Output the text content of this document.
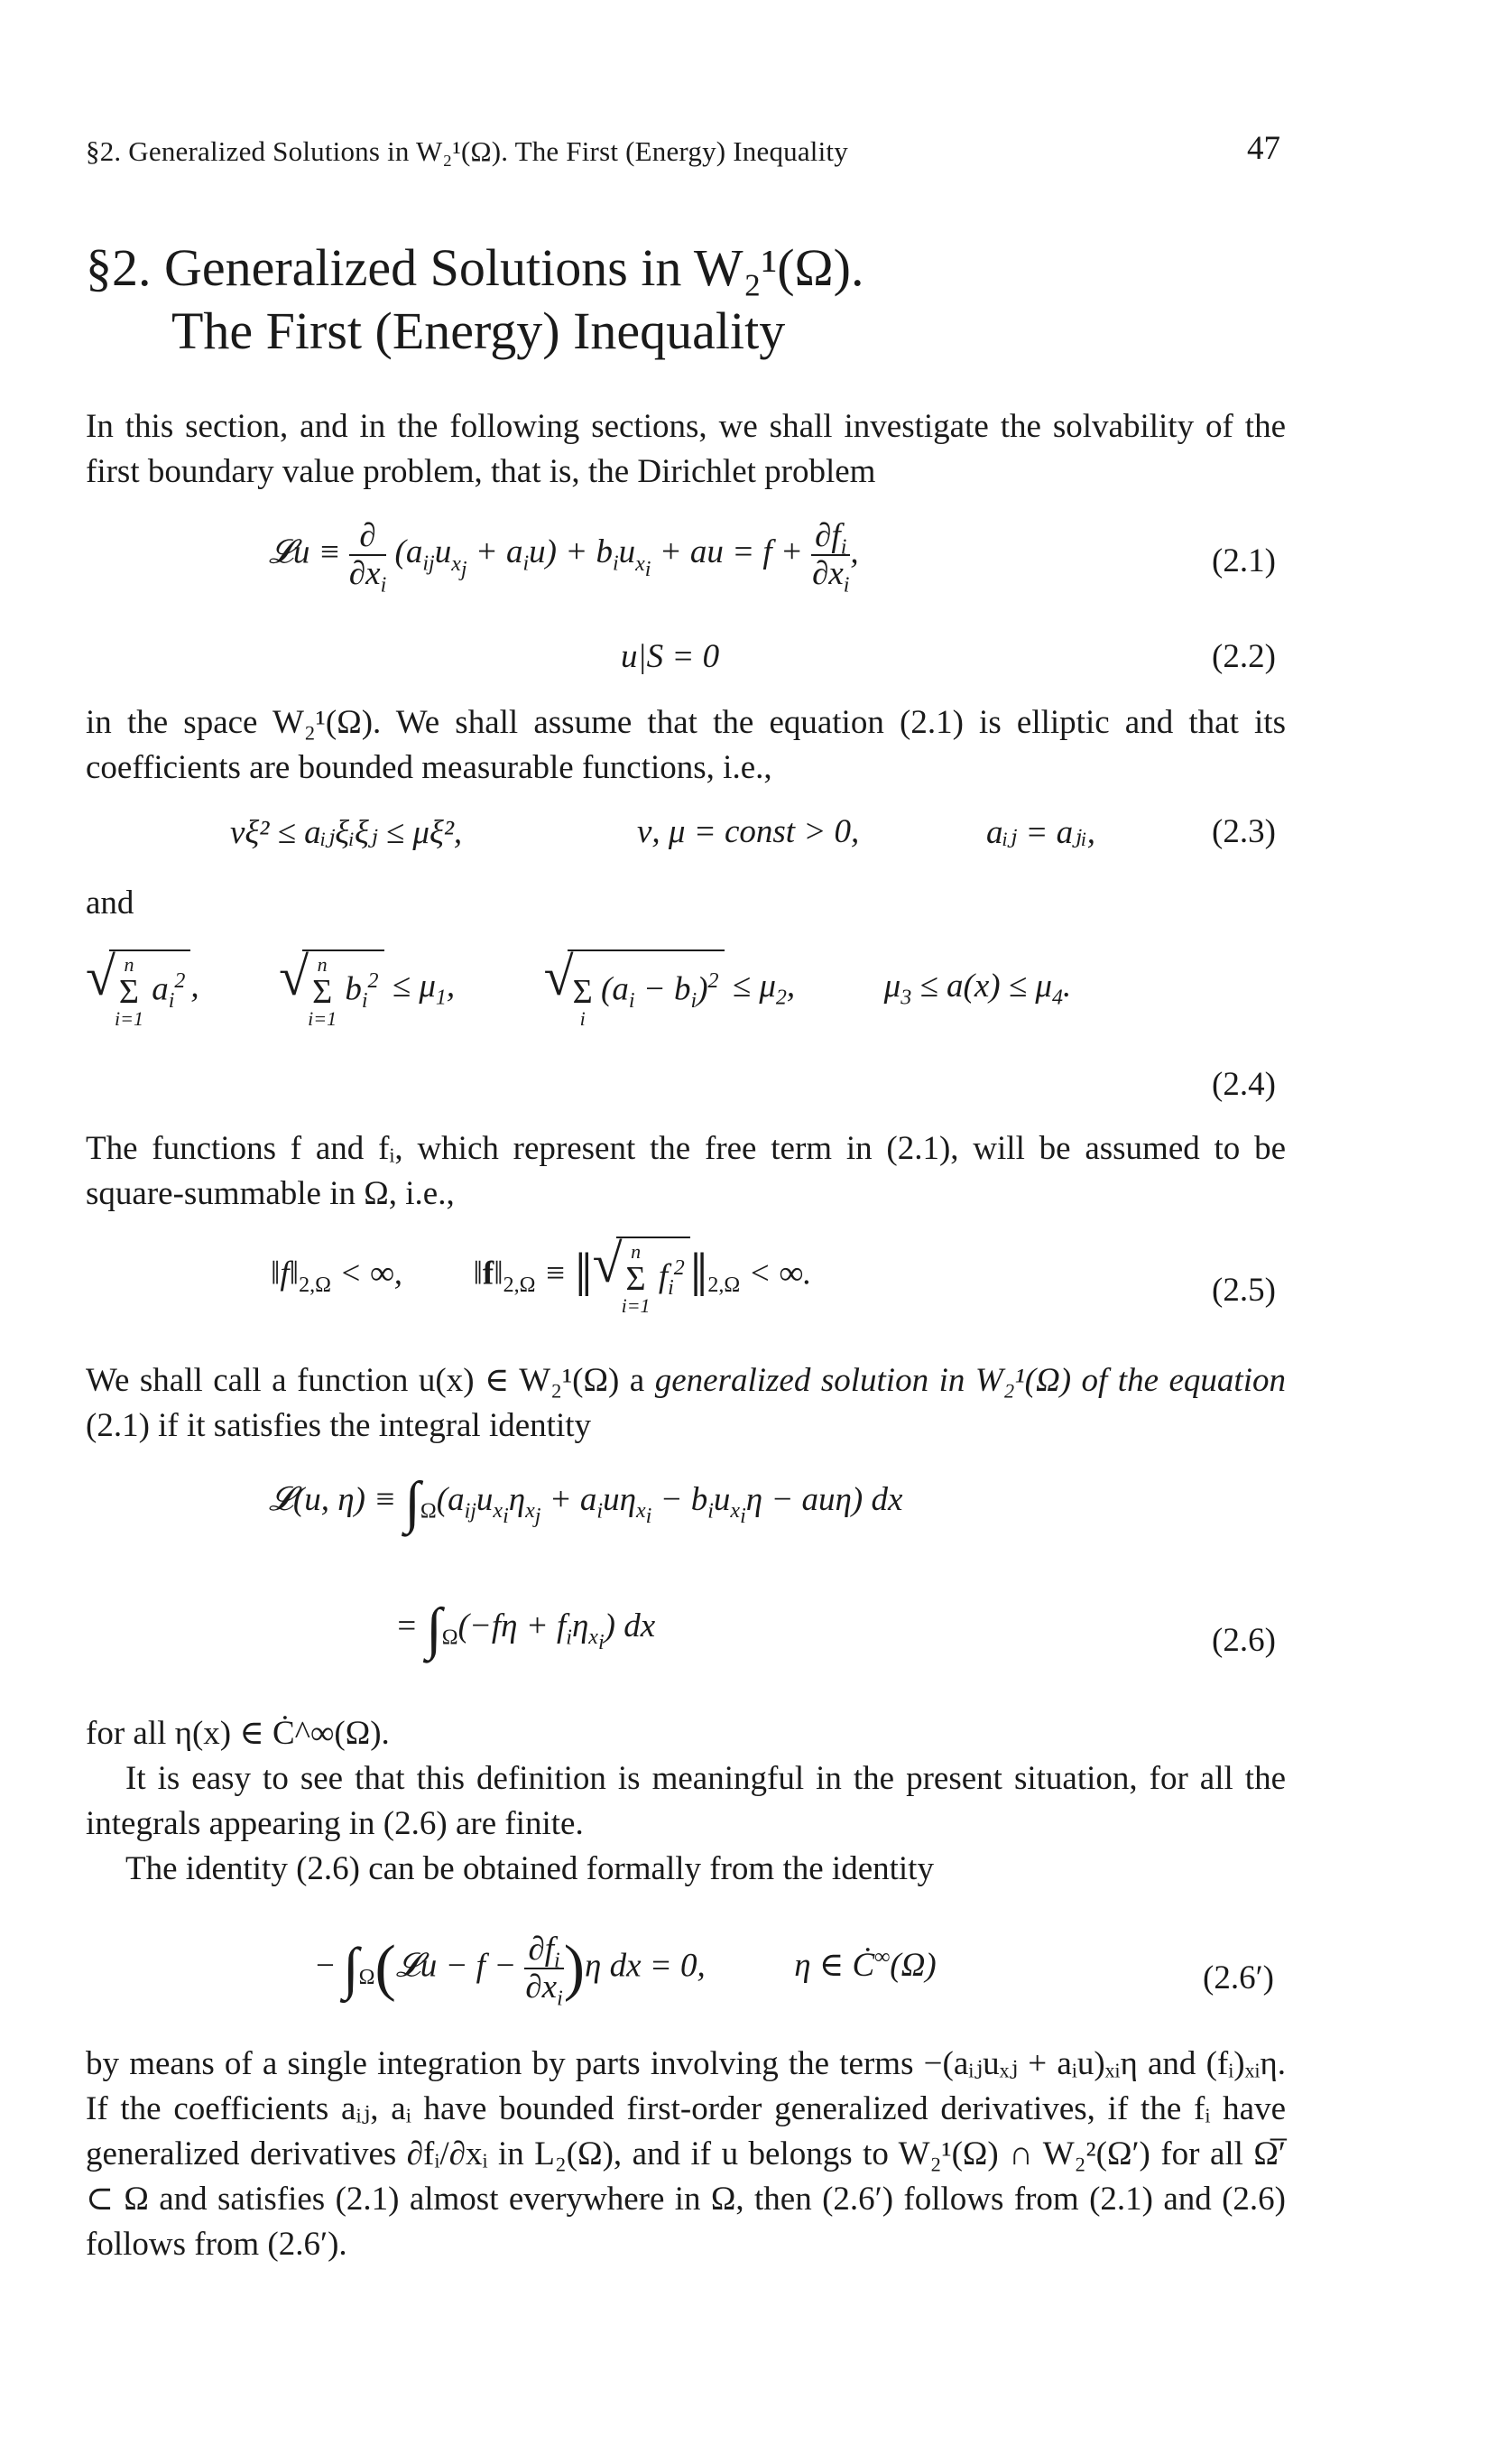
§2. Generalized Solutions in W₂¹(Ω). The First (Energy) Inequality	47
§2. Generalized Solutions in W₂¹(Ω).
The First (Energy) Inequality
In this section, and in the following sections, we shall investigate the solvability of the first boundary value problem, that is, the Dirichlet problem
𝓛u ≡ $\frac{\partial}{\partial x_i} (a_{ij}u_{x_j} + a_iu) + b_iu_{x_i}$ + au = $f + \frac{\partial f_i}{\partial x_i}$ ,	(2.1)
u|S = 0	(2.2)
in the space W₂¹(Ω). We shall assume that the equation (2.1) is elliptic and that its coefficients are bounded measurable functions, i.e.,
νξ² ≤ aᵢⱼξᵢξⱼ ≤ μξ²,	ν, μ = const > 0,	aᵢⱼ = aⱼᵢ,	(2.3)
and
√ n
Σ
i=1
$a_i^2$ , √ n
Σ
i=1
$b_i^2 \le \mu_1$, √
Σ
i
$(a_i - b_i)^2 \le \mu_2$,	$\mu_3 \le a(x) \le \mu_4$.
(2.4)
The functions f and fᵢ, which represent the free term in (2.1), will be assumed to be square-summable in Ω, i.e.,
$‖f‖_{2,\Omega}$ < ∞, $‖f‖_{2,\Omega}$ ≡ ‖ √ n
Σ
i=1
$f_i^2‖_{2,\Omega}$ < ∞.	(2.5)
We shall call a function u(x) ∈ W₂¹(Ω) a generalized solution in W₂¹(Ω) of the equation (2.1) if it satisfies the integral identity
𝓛(u, $\eta) \equiv \int_\Omega(a_{ij}u_{x_i}\eta_{x_j} + a_iu\eta_{x_i} - b_iu_{x_i}\eta - au\eta)$ dx
= $\int_\Omega(-f\eta + f_i\eta_{x_i})$ dx	(2.6)
for all η(x) ∈ Ċ^∞(Ω).
It is easy to see that this definition is meaningful in the present situation, for all the integrals appearing in (2.6) are finite.
The identity (2.6) can be obtained formally from the identity
− $\int_\Omega(𝓛u - f - \frac{\partial f_i}{\partial x_i} )\eta$ dx = 0,	η ∈ Ċ∞(Ω)	(2.6′)
by means of a single integration by parts involving the terms −(aᵢⱼuₓⱼ + aᵢu)ₓᵢη and (fᵢ)ₓᵢη. If the coefficients aᵢⱼ, aᵢ have bounded first-order generalized derivatives, if the fᵢ have generalized derivatives ∂fᵢ/∂xᵢ in L₂(Ω), and if u belongs to W₂¹(Ω) ∩ W₂²(Ω′) for all Ω̅′ ⊂ Ω and satisfies (2.1) almost everywhere in Ω, then (2.6′) follows from (2.1) and (2.6) follows from (2.6′).
